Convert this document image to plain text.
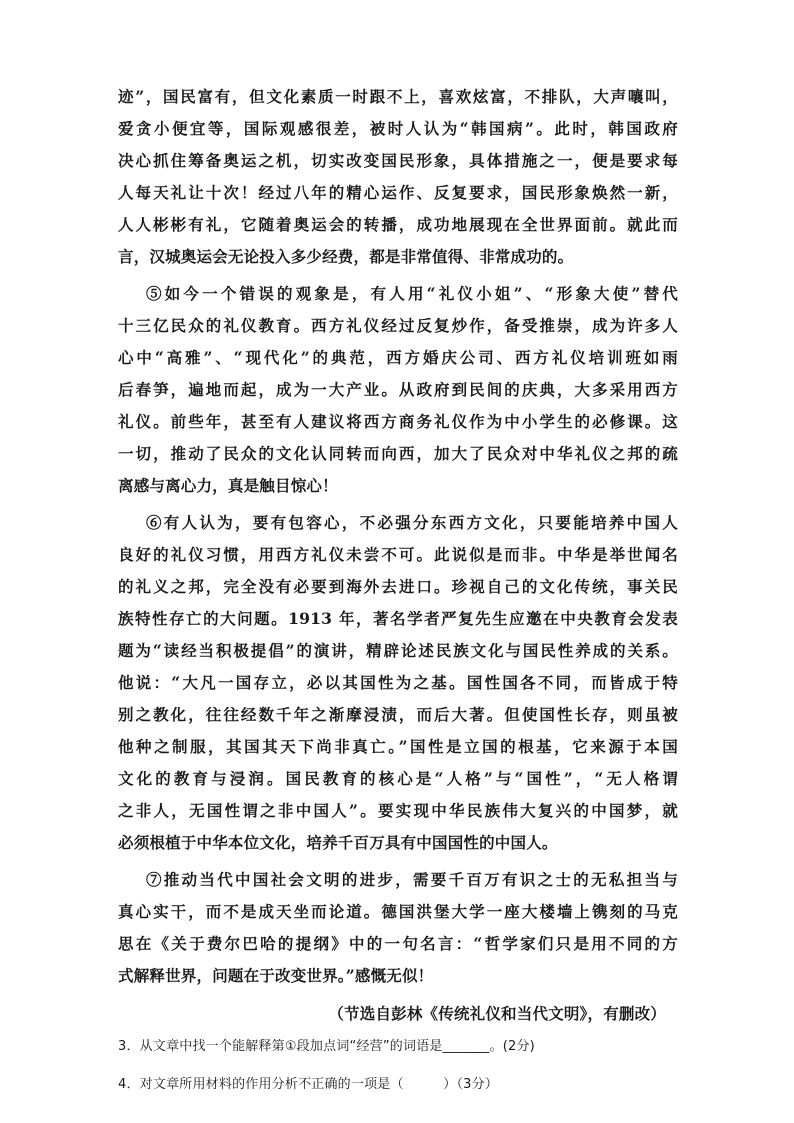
迹”，国民富有，但文化素质一时跟不上，喜欢炫富，不排队，大声嚷叫，
爱贪小便宜等，国际观感很差，被时人认为“韩国病”。此时，韩国政府
决心抓住筹备奥运之机，切实改变国民形象，具体措施之一，便是要求每
人每天礼让十次！经过八年的精心运作、反复要求，国民形象焕然一新，
人人彬彬有礼，它随着奥运会的转播，成功地展现在全世界面前。就此而
言，汉城奥运会无论投入多少经费，都是非常值得、非常成功的。
⑤如今一个错误的观象是，有人用“礼仪小姐”、“形象大使”替代
十三亿民众的礼仪教育。西方礼仪经过反复炒作，备受推崇，成为许多人
心中“高雅”、“现代化”的典范，西方婚庆公司、西方礼仪培训班如雨
后春笋，遍地而起，成为一大产业。从政府到民间的庆典，大多采用西方
礼仪。前些年，甚至有人建议将西方商务礼仪作为中小学生的必修课。这
一切，推动了民众的文化认同转而向西，加大了民众对中华礼仪之邦的疏
离感与离心力，真是触目惊心！
⑥有人认为，要有包容心，不必强分东西方文化，只要能培养中国人
良好的礼仪习惯，用西方礼仪未尝不可。此说似是而非。中华是举世闻名
的礼义之邦，完全没有必要到海外去进口。珍视自己的文化传统，事关民
族特性存亡的大问题。1913 年，著名学者严复先生应邀在中央教育会发表
题为“读经当积极提倡”的演讲，精辟论述民族文化与国民性养成的关系。
他说：“大凡一国存立，必以其国性为之基。国性国各不同，而皆成于特
别之教化，往往经数千年之渐摩浸渍，而后大著。但使国性长存，则虽被
他种之制服，其国其天下尚非真亡。”国性是立国的根基，它来源于本国
文化的教育与浸润。国民教育的核心是“人格”与“国性”，“无人格谓
之非人，无国性谓之非中国人”。要实现中华民族伟大复兴的中国梦，就
必须根植于中华本位文化，培养千百万具有中国国性的中国人。
⑦推动当代中国社会文明的进步，需要千百万有识之士的无私担当与
真心实干，而不是成天坐而论道。德国洪堡大学一座大楼墙上镌刻的马克
思在《关于费尔巴哈的提纲》中的一句名言：“哲学家们只是用不同的方
式解释世界，问题在于改变世界。”感慨无似！
（节选自彭林《传统礼仪和当代文明》，有删改）
3．从文章中找一个能解释第①段加点词“经营”的词语是_______。(2分)
4．对文章所用材料的作用分析不正确的一项是（　　　）（3分）
